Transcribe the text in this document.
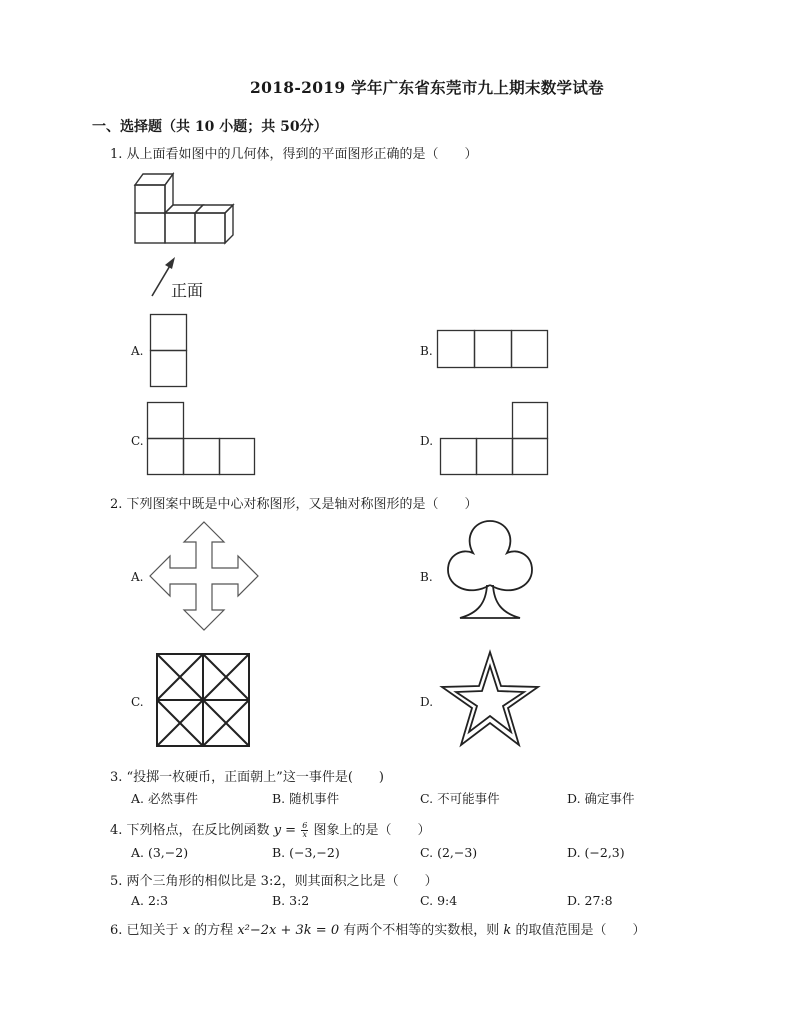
2018-2019 学年广东省东莞市九上期末数学试卷
一、选择题（共 10 小题；共 50分）
1. 从上面看如图中的几何体，得到的平面图形正确的是（　　）
正面
A.	B.
C.	D.
2. 下列图案中既是中心对称图形，又是轴对称图形的是（　　）
A.	B.
C.	D.
3. “投掷一枚硬币，正面朝上”这一事件是(　　)
A. 必然事件	B. 随机事件	C. 不可能事件	D. 确定事件
4. 下列格点，在反比例函数 $y = \frac{6}{x}$ 图象上的是（　　）
A. (3,−2)	B. (−3,−2)	C. (2,−3)	D. (−2,3)
5. 两个三角形的相似比是 3:2，则其面积之比是（　　）
A. 2:3	B. 3:2	C. 9:4	D. 27:8
6. 已知关于 x 的方程 x²−2x + 3k = 0 有两个不相等的实数根，则 k 的取值范围是（　　）
